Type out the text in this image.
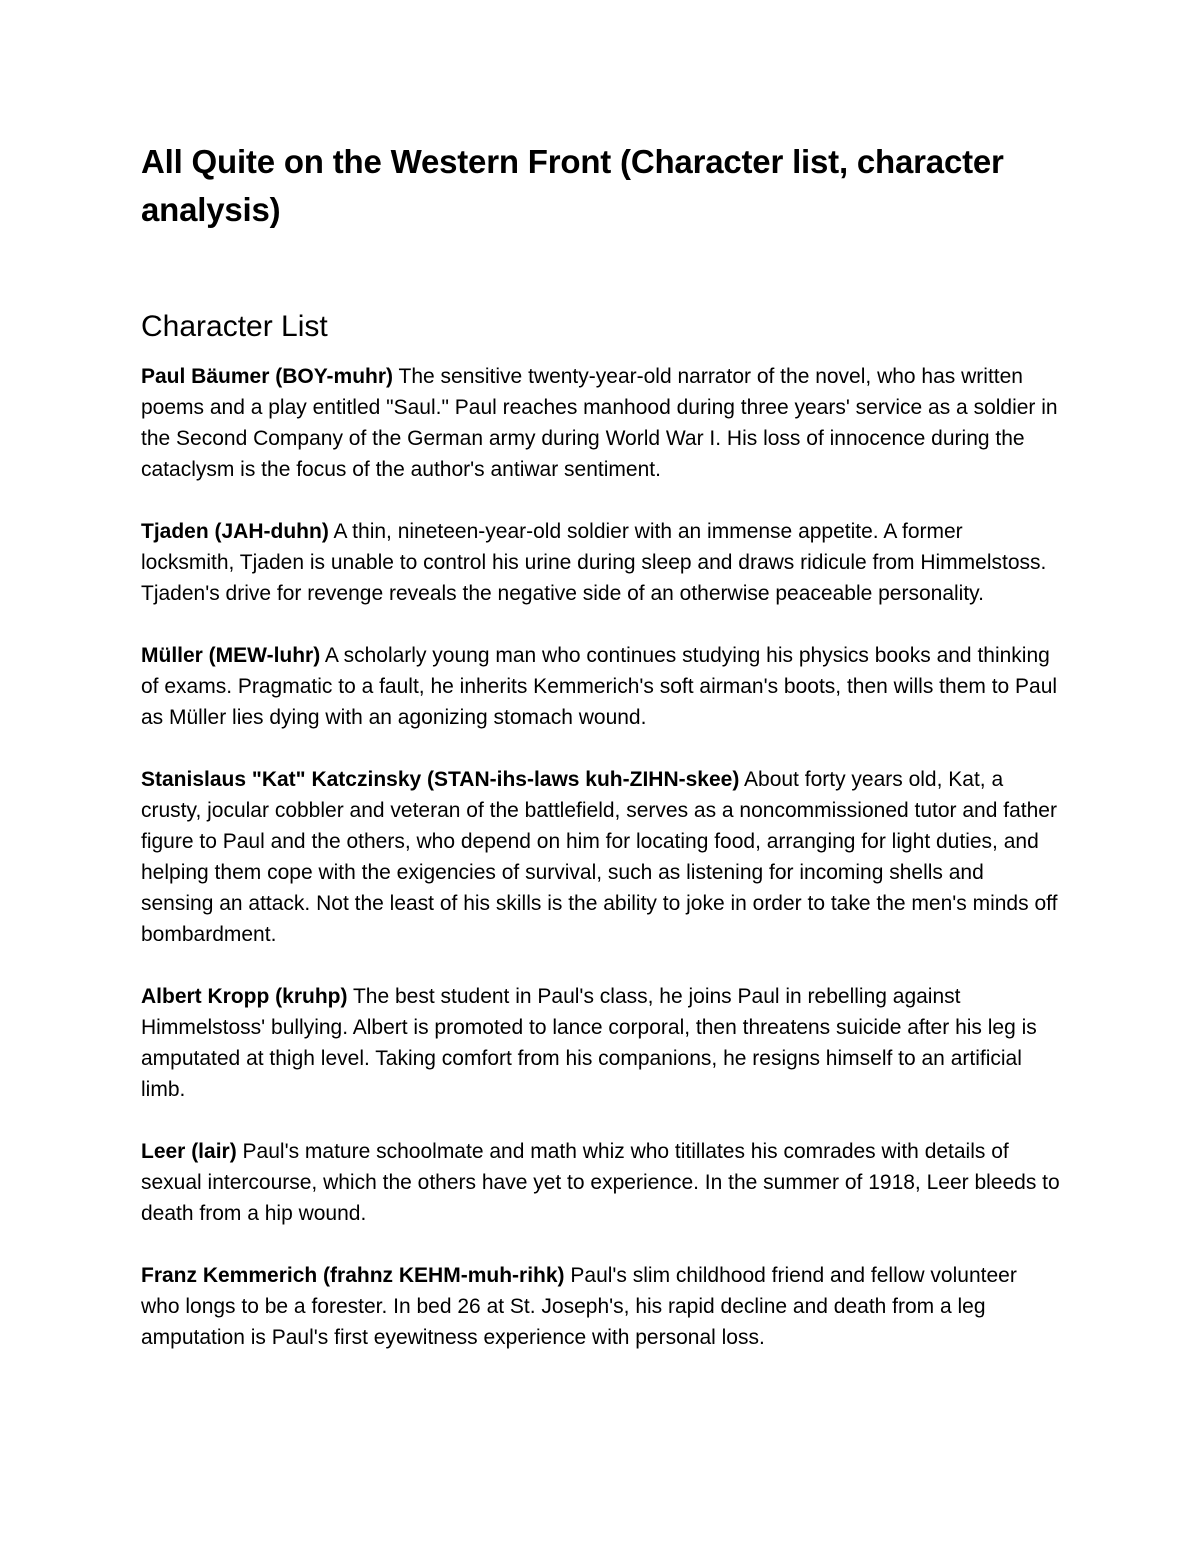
All Quite on the Western Front (Character list, character analysis)
Character List

Paul Bäumer (BOY-muhr) The sensitive twenty-year-old narrator of the novel, who has written poems and a play entitled "Saul." Paul reaches manhood during three years' service as a soldier in the Second Company of the German army during World War I. His loss of innocence during the cataclysm is the focus of the author's antiwar sentiment.

Tjaden (JAH-duhn) A thin, nineteen-year-old soldier with an immense appetite. A former locksmith, Tjaden is unable to control his urine during sleep and draws ridicule from Himmelstoss. Tjaden's drive for revenge reveals the negative side of an otherwise peaceable personality.

Müller (MEW-luhr) A scholarly young man who continues studying his physics books and thinking of exams. Pragmatic to a fault, he inherits Kemmerich's soft airman's boots, then wills them to Paul as Müller lies dying with an agonizing stomach wound.

Stanislaus "Kat" Katczinsky (STAN-ihs-laws kuh-ZIHN-skee) About forty years old, Kat, a crusty, jocular cobbler and veteran of the battlefield, serves as a noncommissioned tutor and father figure to Paul and the others, who depend on him for locating food, arranging for light duties, and helping them cope with the exigencies of survival, such as listening for incoming shells and sensing an attack. Not the least of his skills is the ability to joke in order to take the men's minds off bombardment.

Albert Kropp (kruhp) The best student in Paul's class, he joins Paul in rebelling against Himmelstoss' bullying. Albert is promoted to lance corporal, then threatens suicide after his leg is amputated at thigh level. Taking comfort from his companions, he resigns himself to an artificial limb.

Leer (lair) Paul's mature schoolmate and math whiz who titillates his comrades with details of sexual intercourse, which the others have yet to experience. In the summer of 1918, Leer bleeds to death from a hip wound.

Franz Kemmerich (frahnz KEHM-muh-rihk) Paul's slim childhood friend and fellow volunteer who longs to be a forester. In bed 26 at St. Joseph's, his rapid decline and death from a leg amputation is Paul's first eyewitness experience with personal loss.
